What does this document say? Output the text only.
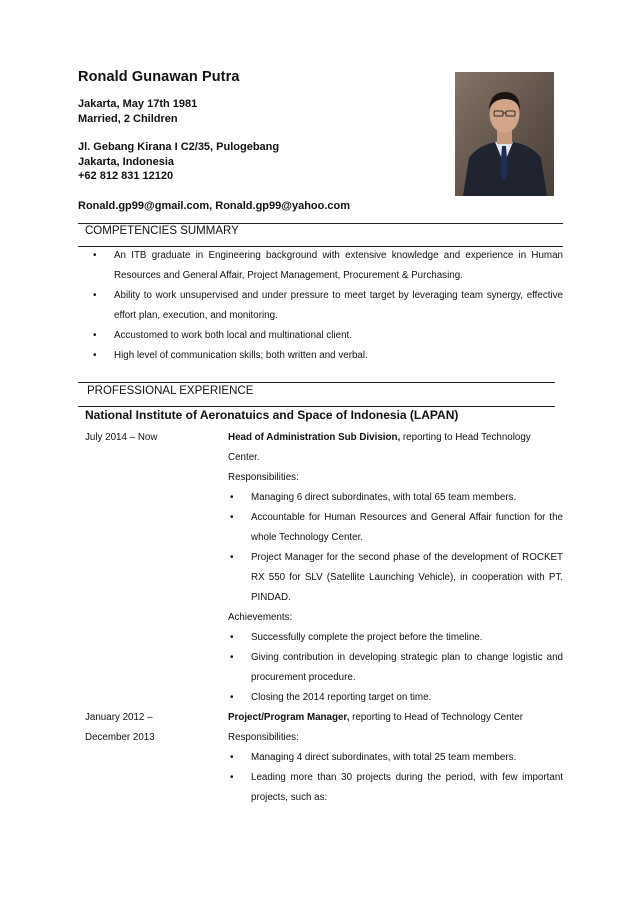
Ronald Gunawan Putra
Jakarta, May 17th 1981
Married, 2 Children
Jl. Gebang Kirana I C2/35, Pulogebang
Jakarta, Indonesia
+62 812 831 12120
Ronald.gp99@gmail.com, Ronald.gp99@yahoo.com
COMPETENCIES SUMMARY
• An ITB graduate in Engineering background with extensive knowledge and experience in Human Resources and General Affair, Project Management, Procurement & Purchasing.
• Ability to work unsupervised and under pressure to meet target by leveraging team synergy, effective effort plan, execution, and monitoring.
• Accustomed to work both local and multinational client.
• High level of communication skills; both written and verbal.
PROFESSIONAL EXPERIENCE
National Institute of Aeronatuics and Space of Indonesia (LAPAN)
July 2014 – Now	Head of Administration Sub Division, reporting to Head Technology Center.
Responsibilities:
• Managing 6 direct subordinates, with total 65 team members.
• Accountable for Human Resources and General Affair function for the whole Technology Center.
• Project Manager for the second phase of the development of ROCKET RX 550 for SLV (Satellite Launching Vehicle), in cooperation with PT. PINDAD.
Achievements:
• Successfully complete the project before the timeline.
• Giving contribution in developing strategic plan to change logistic and procurement procedure.
• Closing the 2014 reporting target on time.
January 2012 –
December 2013
Project/Program Manager, reporting to Head of Technology Center
Responsibilities:
• Managing 4 direct subordinates, with total 25 team members.
• Leading more than 30 projects during the period, with few important projects, such as:
